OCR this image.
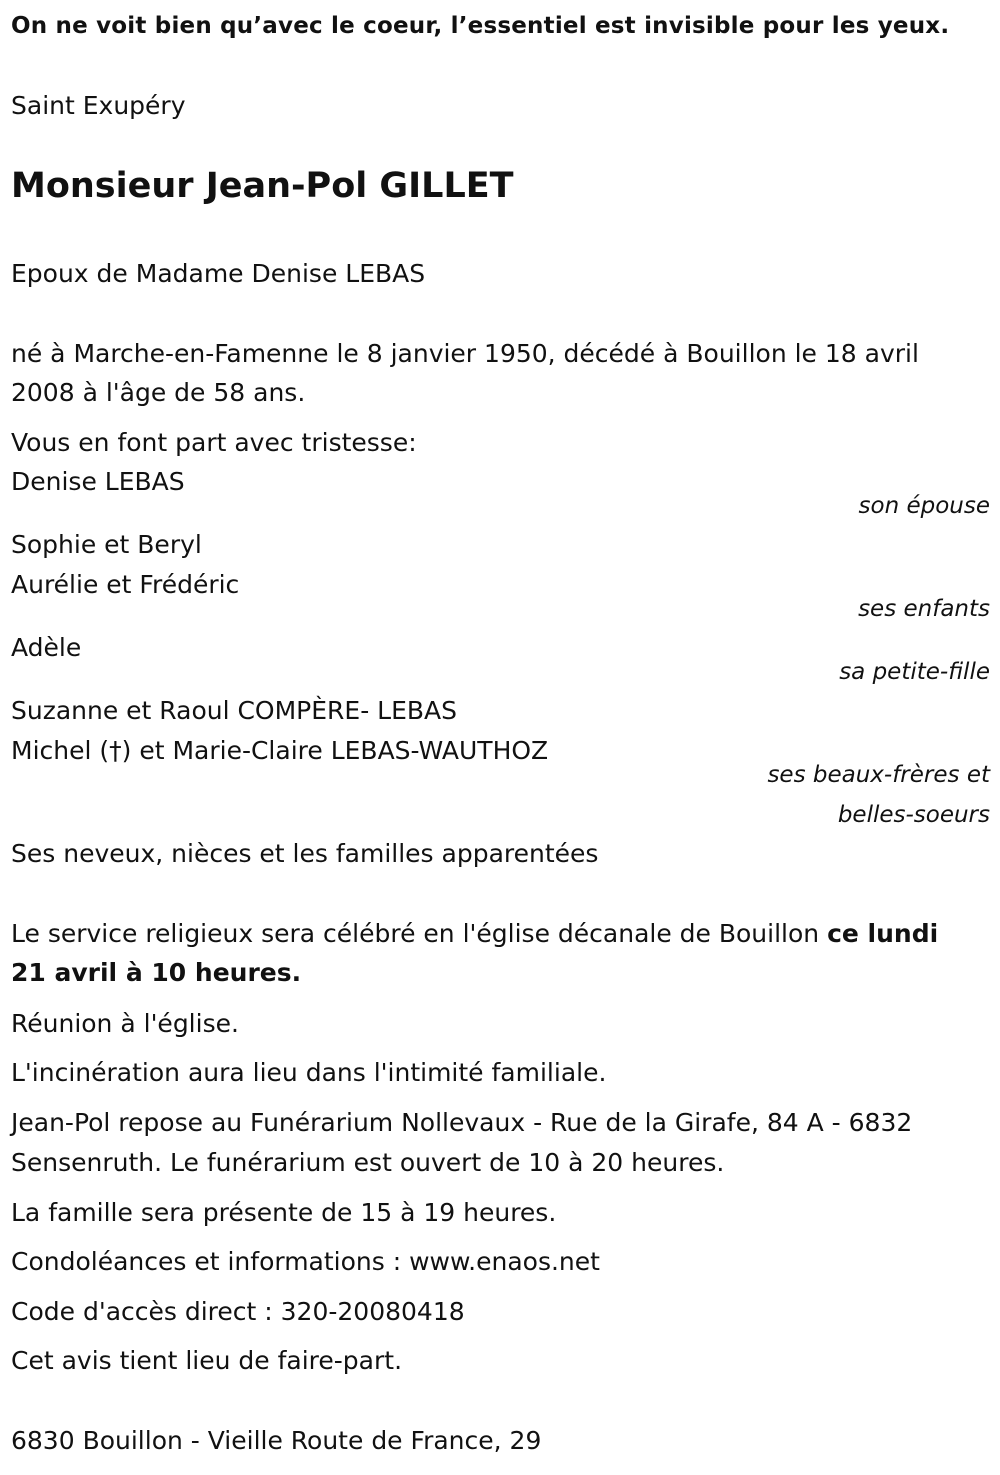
On ne voit bien qu’avec le coeur, l’essentiel est invisible pour les yeux.
Saint Exupéry
Monsieur Jean-Pol GILLET
Epoux de Madame Denise LEBAS
né à Marche-en-Famenne le 8 janvier 1950, décédé à Bouillon le 18 avril
2008 à l'âge de 58 ans.
Vous en font part avec tristesse:
Denise LEBAS
son épouse
Sophie et Beryl
Aurélie et Frédéric
ses enfants
Adèle
sa petite-fille
Suzanne et Raoul COMPÈRE- LEBAS
Michel (†) et Marie-Claire LEBAS-WAUTHOZ
ses beaux-frères et
belles-soeurs
Ses neveux, nièces et les familles apparentées
Le service religieux sera célébré en l'église décanale de Bouillon ce lundi
21 avril à 10 heures.
Réunion à l'église.
L'incinération aura lieu dans l'intimité familiale.
Jean-Pol repose au Funérarium Nollevaux - Rue de la Girafe, 84 A - 6832
Sensenruth. Le funérarium est ouvert de 10 à 20 heures.
La famille sera présente de 15 à 19 heures.
Condoléances et informations : www.enaos.net
Code d'accès direct : 320-20080418
Cet avis tient lieu de faire-part.
6830 Bouillon - Vieille Route de France, 29
